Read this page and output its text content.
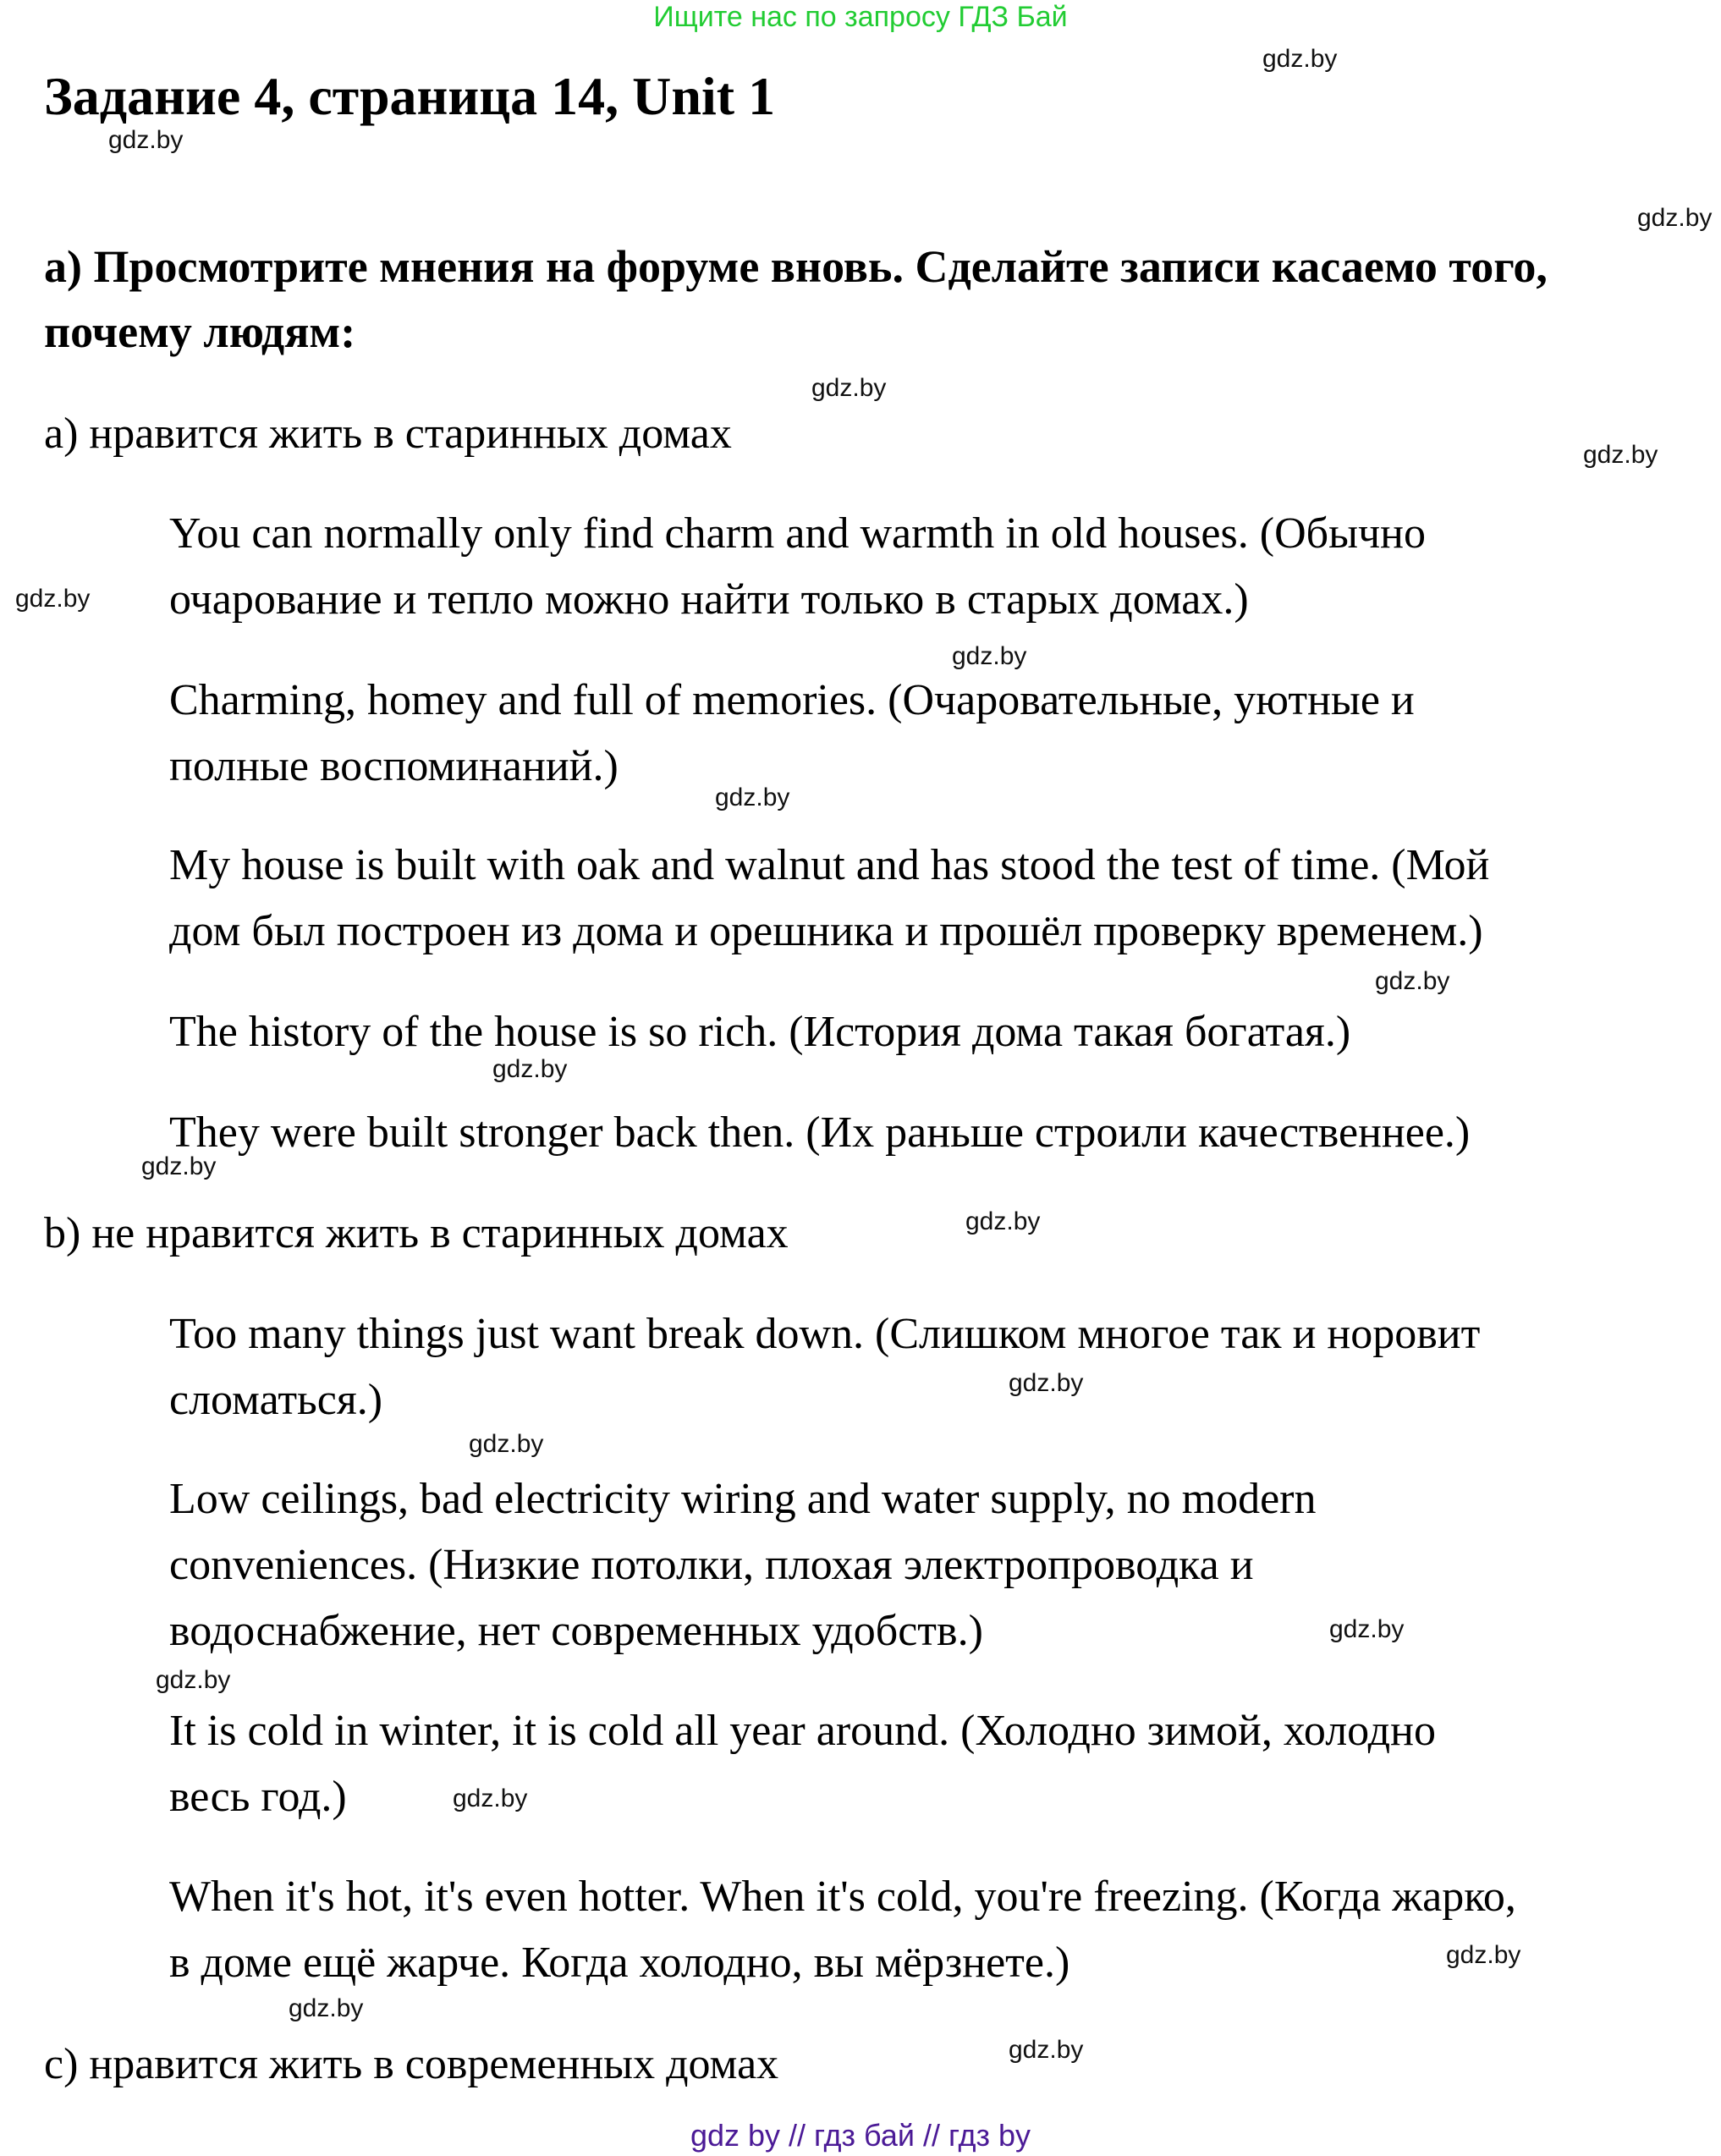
Ищите нас по запросу ГДЗ Бай
Задание 4, страница 14, Unit 1
а) Просмотрите мнения на форуме вновь. Сделайте записи касаемо того,
почему людям:
а) нравится жить в старинных домах
You can normally only find charm and warmth in old houses. (Обычно
очарование и тепло можно найти только в старых домах.)
Charming, homey and full of memories. (Очаровательные, уютные и
полные воспоминаний.)
My house is built with oak and walnut and has stood the test of time. (Мой
дом был построен из дома и орешника и прошёл проверку временем.)
The history of the house is so rich. (История дома такая богатая.)
They were built stronger back then. (Их раньше строили качественнее.)
b) не нравится жить в старинных домах
Too many things just want break down. (Слишком многое так и норовит
сломаться.)
Low ceilings, bad electricity wiring and water supply, no modern
conveniences. (Низкие потолки, плохая электропроводка и
водоснабжение, нет современных удобств.)
It is cold in winter, it is cold all year around. (Холодно зимой, холодно
весь год.)
When it's hot, it's even hotter. When it's cold, you're freezing. (Когда жарко,
в доме ещё жарче. Когда холодно, вы мёрзнете.)
c) нравится жить в современных домах
gdz by // гдз бай // гдз by
gdz.by
gdz.by
gdz.by
gdz.by
gdz.by
gdz.by
gdz.by
gdz.by
gdz.by
gdz.by
gdz.by
gdz.by
gdz.by
gdz.by
gdz.by
gdz.by
gdz.by
gdz.by
gdz.by
gdz.by
